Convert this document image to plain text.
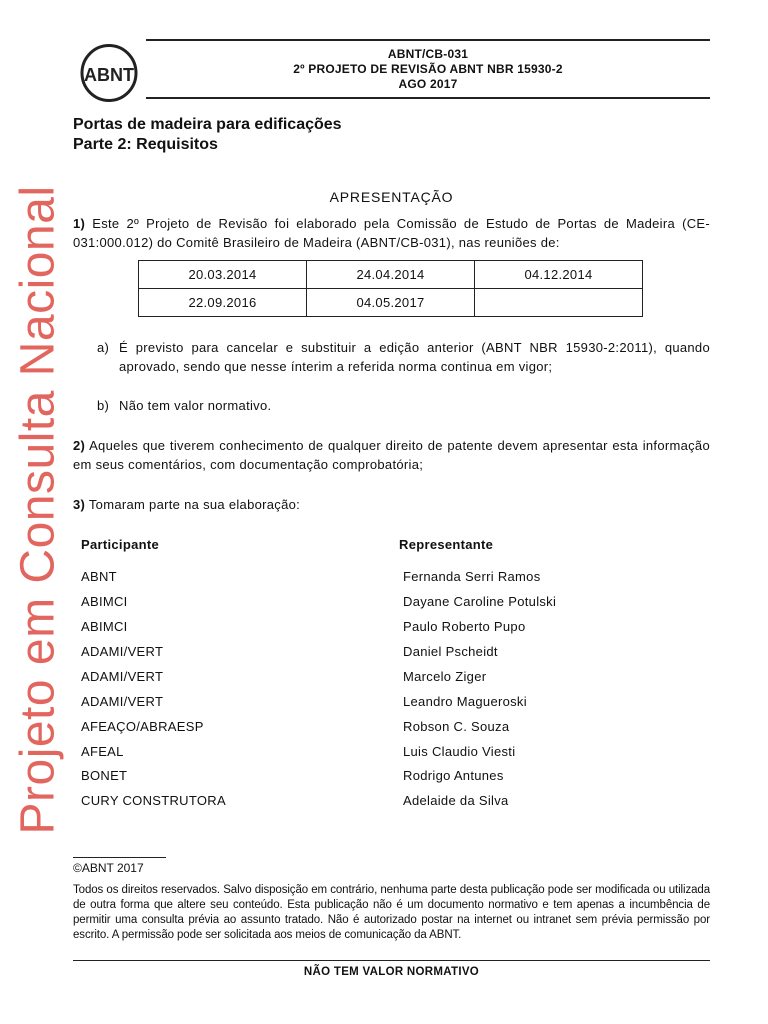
Projeto em Consulta Nacional
ABNT
ABNT/CB-031
2º PROJETO DE REVISÃO ABNT NBR 15930-2
AGO 2017
Portas de madeira para edificações
Parte 2: Requisitos
APRESENTAÇÃO
1) Este 2º Projeto de Revisão foi elaborado pela Comissão de Estudo de Portas de Madeira (CE-031:000.012) do Comitê Brasileiro de Madeira (ABNT/CB-031), nas reuniões de:
20.03.2014	24.04.2014	04.12.2014
22.09.2016	04.05.2017	
a) É previsto para cancelar e substituir a edição anterior (ABNT NBR 15930-2:2011), quando aprovado, sendo que nesse ínterim a referida norma continua em vigor;
b) Não tem valor normativo.
2) Aqueles que tiverem conhecimento de qualquer direito de patente devem apresentar esta informação em seus comentários, com documentação comprobatória;
3) Tomaram parte na sua elaboração:
Participante	Representante
ABNT	Fernanda Serri Ramos
ABIMCI	Dayane Caroline Potulski
ABIMCI	Paulo Roberto Pupo
ADAMI/VERT	Daniel Pscheidt
ADAMI/VERT	Marcelo Ziger
ADAMI/VERT	Leandro Magueroski
AFEAÇO/ABRAESP	Robson C. Souza
AFEAL	Luis Claudio Viesti
BONET	Rodrigo Antunes
CURY CONSTRUTORA	Adelaide da Silva
©ABNT 2017
Todos os direitos reservados. Salvo disposição em contrário, nenhuma parte desta publicação pode ser modificada ou utilizada de outra forma que altere seu conteúdo. Esta publicação não é um documento normativo e tem apenas a incumbência de permitir uma consulta prévia ao assunto tratado. Não é autorizado postar na internet ou intranet sem prévia permissão por escrito. A permissão pode ser solicitada aos meios de comunicação da ABNT.
NÃO TEM VALOR NORMATIVO
